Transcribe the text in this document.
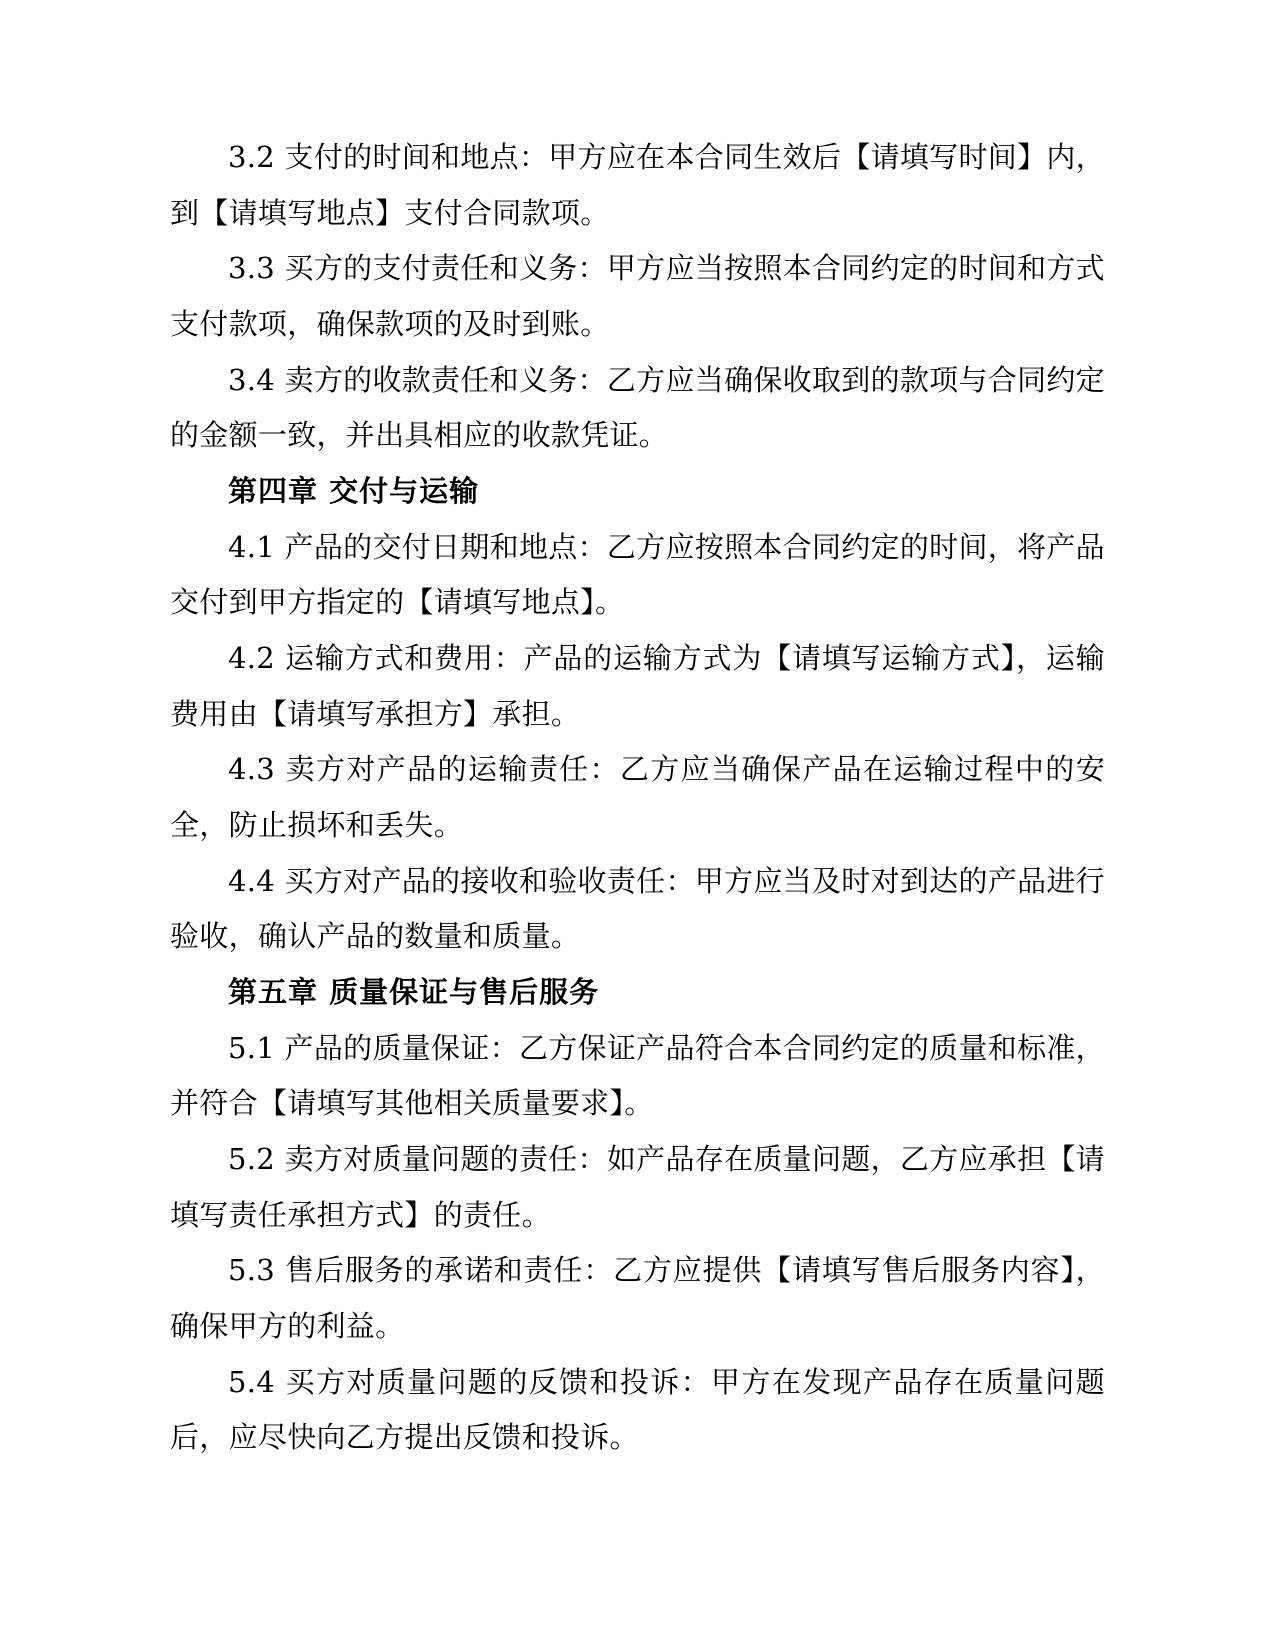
3.2 支付的时间和地点：甲方应在本合同生效后【请填写时间】内，到【请填写地点】支付合同款项。

3.3 买方的支付责任和义务：甲方应当按照本合同约定的时间和方式支付款项，确保款项的及时到账。

3.4 卖方的收款责任和义务：乙方应当确保收取到的款项与合同约定的金额一致，并出具相应的收款凭证。

第四章 交付与运输

4.1 产品的交付日期和地点：乙方应按照本合同约定的时间，将产品交付到甲方指定的【请填写地点】。

4.2 运输方式和费用：产品的运输方式为【请填写运输方式】，运输费用由【请填写承担方】承担。

4.3 卖方对产品的运输责任：乙方应当确保产品在运输过程中的安全，防止损坏和丢失。

4.4 买方对产品的接收和验收责任：甲方应当及时对到达的产品进行验收，确认产品的数量和质量。

第五章 质量保证与售后服务

5.1 产品的质量保证：乙方保证产品符合本合同约定的质量和标准，并符合【请填写其他相关质量要求】。

5.2 卖方对质量问题的责任：如产品存在质量问题，乙方应承担【请填写责任承担方式】的责任。

5.3 售后服务的承诺和责任：乙方应提供【请填写售后服务内容】，确保甲方的利益。

5.4 买方对质量问题的反馈和投诉：甲方在发现产品存在质量问题后，应尽快向乙方提出反馈和投诉。
